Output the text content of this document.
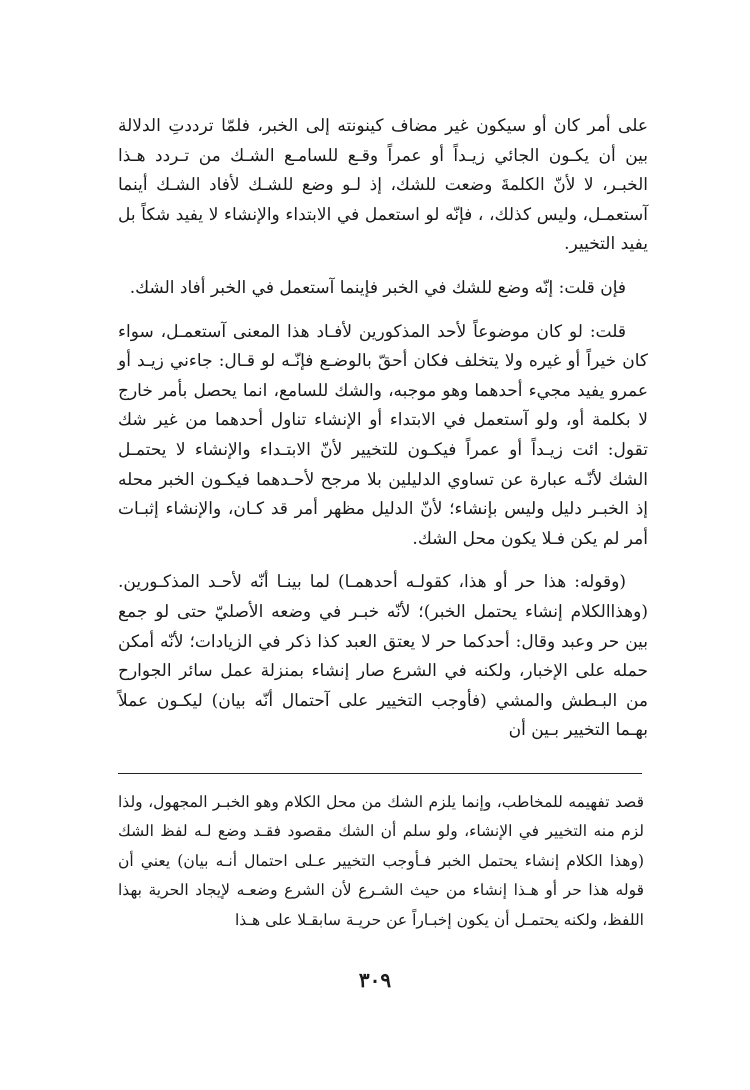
على أمر كان أو سيكون غير مضاف كينونته إلى الخبر، فلمّا ترددتِ الدلالة بين أن يكـون الجائي زيـداً أو عمراً وقـع للسامـع الشـك من تـردد هـذا الخبـر، لا لأنّ الكلمةَ وضعت للشك، إذ لـو وضع للشـك لأفاد الشـك أينما آستعمـل، وليس كذلك، ، فإنّه لو استعمل في الابتداء والإنشاء لا يفيد شكاً بل يفيد التخيير.

فإن قلت: إنّه وضع للشك في الخبر فإينما آستعمل في الخبر أفاد الشك.

قلت: لو كان موضوعاً لأحد المذكورين لأفـاد هذا المعنى آستعمـل، سواء كان خيراً أو غيره ولا يتخلف فكان أحقّ بالوضـع فإنّـه لو قـال: جاءني زيـد أو عمرو يفيد مجيء أحدهما وهو موجبه، والشك للسامع، انما يحصل بأمر خارج لا بكلمة أو، ولو آستعمل في الابتداء أو الإنشاء تناول أحدهما من غير شك تقول: ائت زيـداً أو عمراً فيكـون للتخيير لأنّ الابتـداء والإنشاء لا يحتمـل الشك لأنّـه عبارة عن تساوي الدليلين بلا مرجح لأحـدهما فيكـون الخبر محله إذ الخبـر دليل وليس بإنشاء؛ لأنّ الدليل مظهر أمر قد كـان، والإنشاء إثبـات أمر لم يكن فـلا يكون محل الشك.

(وقوله: هذا حر أو هذا، كقولـه أحدهمـا) لما بينـا أنّه لأحـد المذكـورين. (وهذاالكلام إنشاء يحتمل الخبر)؛ لأنّه خبـر في وضعه الأصليّ حتى لو جمع بين حر وعبد وقال: أحدكما حر لا يعتق العبد كذا ذكر في الزيادات؛ لأنّه أمكن حمله على الإخبار، ولكنه في الشرع صار إنشاء بمنزلة عمل سائر الجوارح من البـطش والمشي (فأوجب التخيير على آحتمال أنّه بيان) ليكـون عملاً بهـما التخيير بـين أن

قصد تفهيمه للمخاطب، وإنما يلزم الشك من محل الكلام وهو الخبـر المجهول، ولذا لزم منه التخيير في الإنشاء، ولو سلم أن الشك مقصود فقـد وضع لـه لفظ الشك (وهذا الكلام إنشاء يحتمل الخبر فـأوجب التخيير عـلى احتمال أنـه بيان) يعني أن قوله هذا حر أو هـذا إنشاء من حيث الشـرع لأن الشرع وضعـه لإيجاد الحرية بهذا اللفظ، ولكنه يحتمـل أن يكون إخبـاراً عن حريـة سابقـلا على هـذا

٣٠٩
